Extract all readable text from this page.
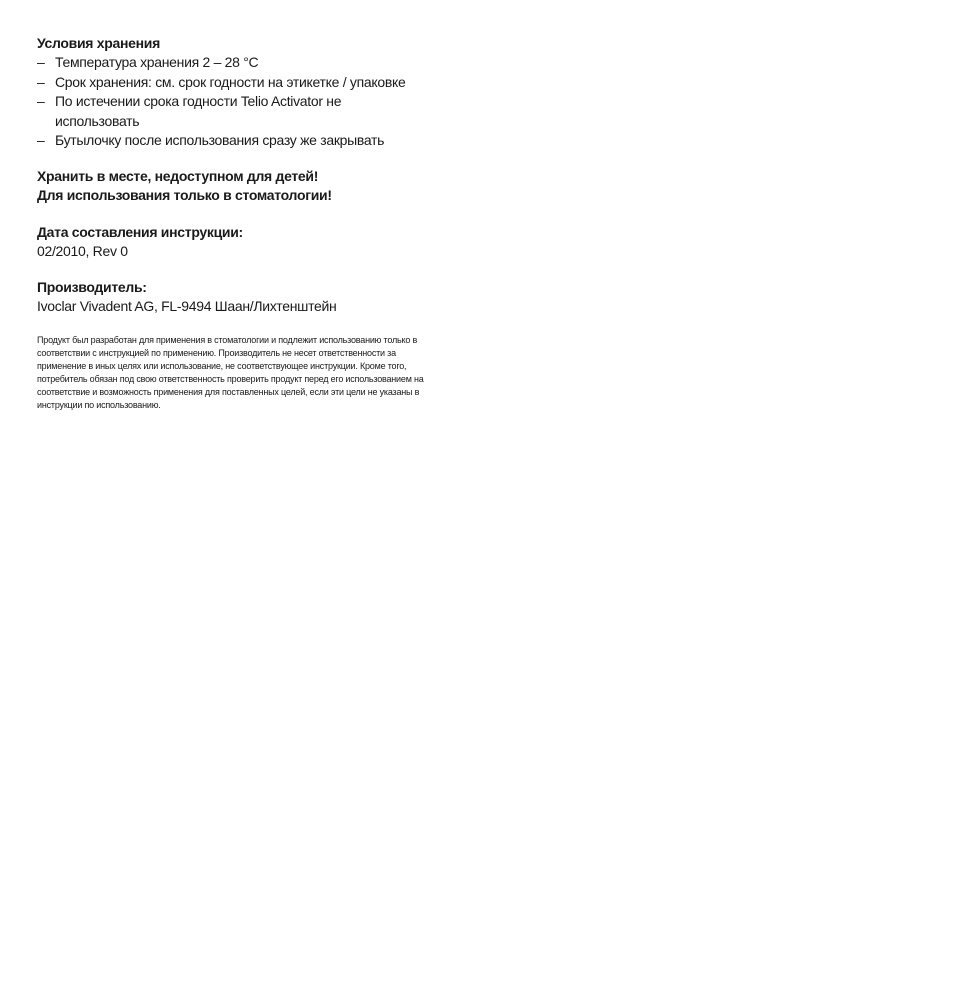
Условия хранения

– Температура хранения 2 – 28 °C
– Срок хранения: см. срок годности на этикетке / упаковке
– По истечении срока годности Telio Activator не использовать
– Бутылочку после использования сразу же закрывать
Хранить в месте, недоступном для детей!
Для использования только в стоматологии!

Дата составления инструкции:

02/2010, Rev 0

Производитель:

Ivoclar Vivadent AG, FL-9494 Шаан/Лихтенштейн
Продукт был разработан для применения в стоматологии и подлежит использованию только в соответствии с инструкцией по применению. Производитель не несет ответственности за применение в иных целях или использование, не соответствующее инструкции. Кроме того, потребитель обязан под свою ответственность проверить продукт перед его использованием на соответствие и возможность применения для поставленных целей, если эти цели не указаны в инструкции по использованию.
